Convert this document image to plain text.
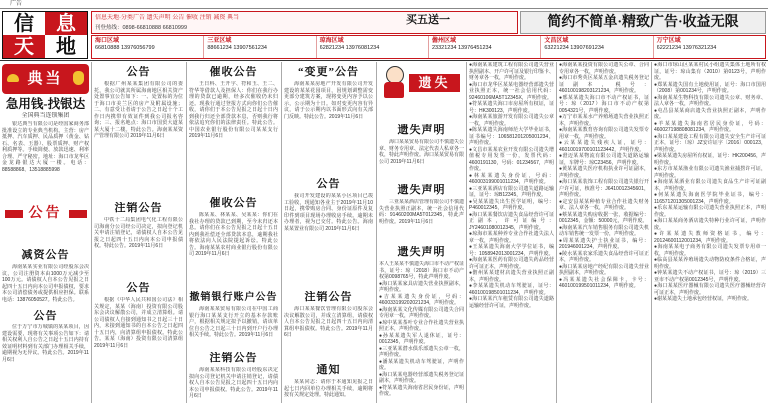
广告
信	息
天	地
信息天地·分类广告 遗失声明 公告 催收 注销 减资 典当
刊登热线：0898-66810888 66810999
买五送一	简约不简单·精致广告·收益无限
海口区域
66810888 13976056799
三亚区域
88661234 13907561234
琼海区域
62821234 13976081234
儋州区域
23321234 13976451234
文昌区域
63221234 13907691234
万宁区域
62221234 13976321234
典当
急用钱-找银达
全国典当连锁集团
银达典当有限公司是经国家商务部批准设立的专业典当机构。主营：房产抵押、汽车质押、民品质押（黄金、钻石、名表、玉器）、股票质押、财产权利质押等。手续简便、放款迅速、利率合理、严守秘密。地址：海口市龙华区金龙路银达大厦一楼。电话：88588868、13518885998
公告
减资公告
海南某某实业有限公司经股东会决议，公司注册资本由1000万元减少至100万元。请债权人自本公告见报之日起四十五日内向本公司申报债权，要求本公司清偿债务或提供相应担保。联系电话：13876050527。特此公告。
公告
位于万宁市万城镇的某某项目，因建设需要，现将有关事项公告如下：请相关权利人自公告之日起十五日内持有效证明材料到有关部门办理相关手续，逾期视为无异议。特此公告。2019年11月6日
公告
根据广州某某集团有限公司的委托，我公司就其所属海南地区相关资产处置事宜公告如下：一、处置标的为位于海口市美兰区的房产及附属设施；二、有意受让者请于公告之日起十个工作日内携带有效证件到我公司报名咨询；三、报名地点：海口市国贸大道某某大厦十二楼。特此公告。海南某某资产管理有限公司 2019年11月6日
注销公告
中铁十二局集团电气化工程有限公司海南分公司经公司决定，拟向登记机关申请注销登记，请债权人自本公告见报之日起四十五日内向本公司申报债权。特此公告。2019年11月6日
公告
根据《中华人民共和国公司法》相关规定，某某（海南）投资有限公司股东会决议解散公司，并成立清算组。请公司债权人自接到通知书之日起三十日内，未接到通知书的自本公告之日起四十五日内，向清算组申报债权。特此公告。某某（海南）投资有限公司清算组 2019年11月6日
催收公告
王日科、王开宇、符和玉、王二、符华等借款人及担保人：你们在我行办理的贷款已逾期，经多次催收仍未归还。现我行通过登报方式向你们公告催收，请你们于本公告见报之日起十日内到我行归还全部贷款本息，否则我行将依法追究你们的法律责任。特此公告。中国农业银行股份有限公司某某支行 2019年11月6日
催收公告
陈某某、林某某、吴某某：你们在我社办理的贷款已到期，至今未归还本息。请你们在本公告见报之日起十五日内到我社偿还全部贷款本息，逾期我社将依法向人民法院提起诉讼。特此公告。海南某某农村商业银行股份有限公司 2019年11月6日
撤销银行账户公告
海南某某贸易有限公司在中国工商银行海口某某支行开立的基本存款账户，根据相关规定拟予以撤销，请该单位自公告之日起三十日内到开户行办理相关手续。特此公告。2019年11月6日
注销公告
海南某某科技有限公司经股东决定拟向公司登记机关申请注销登记，请债权人自本公告见报之日起四十五日内向本公司申报债权。特此公告。2019年11月6日
“变更”公告
海南某某房地产开发有限公司开发建设的某某花园项目，因规划调整需变更部分建筑方案，现将变更内容予以公示，公示期为十日。如对变更内容有异议，请于公示期内以书面形式向有关部门反映。特此公告。2019年11月6日
公告
我司开发建设的某某小区项目已竣工验收，现通知各业主于2019年11月10日起，携带购房合同、身份证原件及复印件到项目现场办理收房手续。逾期未办理者，视为已交付。特此公告。海南某某置业有限公司 2019年11月6日
注销公告
海口某某餐饮管理有限公司股东会决议解散公司，并成立清算组，请债权人自本公告见报之日起四十五日内向清算组申报债权。特此公告。2019年11月6日
通知
某某同志：请你于本通知见报之日起七日内回单位办理相关手续，逾期将按有关规定处理。特此通知。
遗失
遗失声明
海口某某贸易有限公司不慎遗失公章、财务专用章、法定代表人私章各一枚，特此声明作废。海口某某贸易有限公司 2019年11月6日
遗失声明
三亚某某酒店管理有限公司不慎遗失营业执照正副本，统一社会信用代码：91460200MA5T012345，特此声明作废。2019年11月6日
遗失声明
本人王某某不慎遗失海口市不动产权证书，证号：琼（2018）海口市不动产权第0098765号，特此声明作废。
●海口某某家具店遗失营业执照副本，声明作废。
●吉某某遗失身份证，号码：460033199202021234，声明作废。
●海南某某文化传媒有限公司遗失合同专用章一枚，声明作废。
●琼中某某茶叶专业合作社遗失营业执照正本，声明作废。
●孙某某遗失军人退休证，证号：0012345，声明作废。
●三亚某某潜水俱乐部遗失公章一枚，声明作废。
●潘某某遗失机动车驾驶证，声明作废。
●海口某某电器经营部遗失税务登记证副本，声明作废。
●符某某遗失海南省居民身份证，声明作废。
●海南某某建筑工程有限公司遗失营业执照副本、开户许可证及银行印鉴卡、财务章各一枚，声明作废。
●海口市龙华区某某电器经营部遗失营业执照正本，统一社会信用代码：92460106MA5T12345X，声明作废。
●符某某遗失海口市房屋所有权证，证号：HK300123，声明作废。
●海南某某旅游开发有限公司遗失公章一枚，声明作废。
●陈某某遗失海南师范大学毕业证书，证书编号：106581201205001234，声明作废。
●文昌市某某农业开发有限公司遗失增值税专用发票一份，发票代码：4600191130，号码：01234567，声明作废。
●林某某遗失身份证，号码：460003199001011234，声明作废。
●三亚某某酒店有限公司遗失道路运输证，证号：琼B12345，声明作废。
●吴某某遗失出生医学证明，编号：P460012345，声明作废。
●海口某某餐饮店遗失食品经营许可证正副本，许可证编号：JY24601080012345，声明作废。
●琼海市某某种养专业合作社遗失法人章一枚，声明作废。
●王某某遗失海南大学学位证书，编号：1058942013001234，声明作废。
●海南某某医药有限公司遗失药品经营许可证正本，声明作废。
●儋州某某建材店遗失营业执照正副本，声明作废。
●李某某遗失机动车驾驶证，证号：460100198501011234，声明作废。
●海口某某汽车租赁有限公司遗失道路运输经营许可证，声明作废。
●海南某某投资有限公司遗失公章、合同专用章各一枚，声明作废。
●海口市秀英区某某五金店遗失税务登记证副本，税号：460100198203121234，声明作废。
●邢某某遗失海口市不动产权证书，证号：琼（2017）海口市不动产权第0054321号，声明作废。
●万宁市某某水产养殖场遗失营业执照正本，声明作废。
●海南某某教育咨询有限公司遗失发票专用章一枚，声明作废。
●云某某遗失残疾人证，证号：46010019700101123442，声明作废。
●澄迈某某物流有限公司遗失道路运输证，车牌号：琼C23456，声明作废。
●黄某某遗失医疗机构执业许可证副本，声明作废。
●海口某某装饰工程有限公司遗失银行开户许可证，核准号：J6410012345601，声明作废。
●定安县某某种植专业合作社遗失财务章、法人章各一枚，声明作废。
●蔡某某遗失购房收据一张，收据编号：0012345，金额：50000元，声明作废。
●海南某某汽车销售服务有限公司遗失机动车销售统一发票一份，声明作废。
●周某某遗失护士执业证书，编号：201946001234，声明作废。
●陵水某某农家乐遗失食品经营许可证正本，声明作废。
●海口某某房地产经纪有限公司遗失营业执照副本，声明作废。
●冯某某遗失社会保障卡，卡号：460100199501011234，声明作废。
●海口市琼山区某某村民小组遗失集体土地所有权证，证号：琼山集有（2010）第0123号，声明作废。
●郑某某遗失国有土地使用证，证号：海口市国用（2008）第001234号，声明作废。
●海南某某生物科技有限公司遗失公章、财务章、法人章各一枚，声明作废。
●屯昌县某某商店遗失营业执照正副本，声明作废。
●羊某某遗失海南省居民身份证，号码：460027198808081234，声明作废。
●海口某某建设工程有限公司遗失安全生产许可证正本，证号：（琼）JZ安许证字〔2016〕000123，声明作废。
●梁某某遗失房屋所有权证，证号：HK200456，声明作废。
●东方市某某渔业有限公司遗失渔业捕捞许可证，声明作废。
●海南某某酒业有限公司遗失食品生产许可证副本，声明作废。
●何某某遗失海南医学院毕业证书，编号：116571201305001234，声明作废。
●乐东某某运输有限公司遗失营业执照正本，声明作废。
●海口某某商务酒店遗失特种行业许可证，声明作废。
●许某某遗失教师资格证书，编号：20124600112001234，声明作废。
●海南某某电子商务有限公司遗失发票专用章一枚，声明作废。
●临高县某某养殖场遗失动物防疫条件合格证，声明作废。
●钟某某遗失不动产权证书，证号：琼（2019）三亚市不动产权第0012345号，声明作废。
●海口某某医疗器械有限公司遗失医疗器械经营许可证正本，声明作废。
●谢某某遗失土地承包经营权证，声明作废。
